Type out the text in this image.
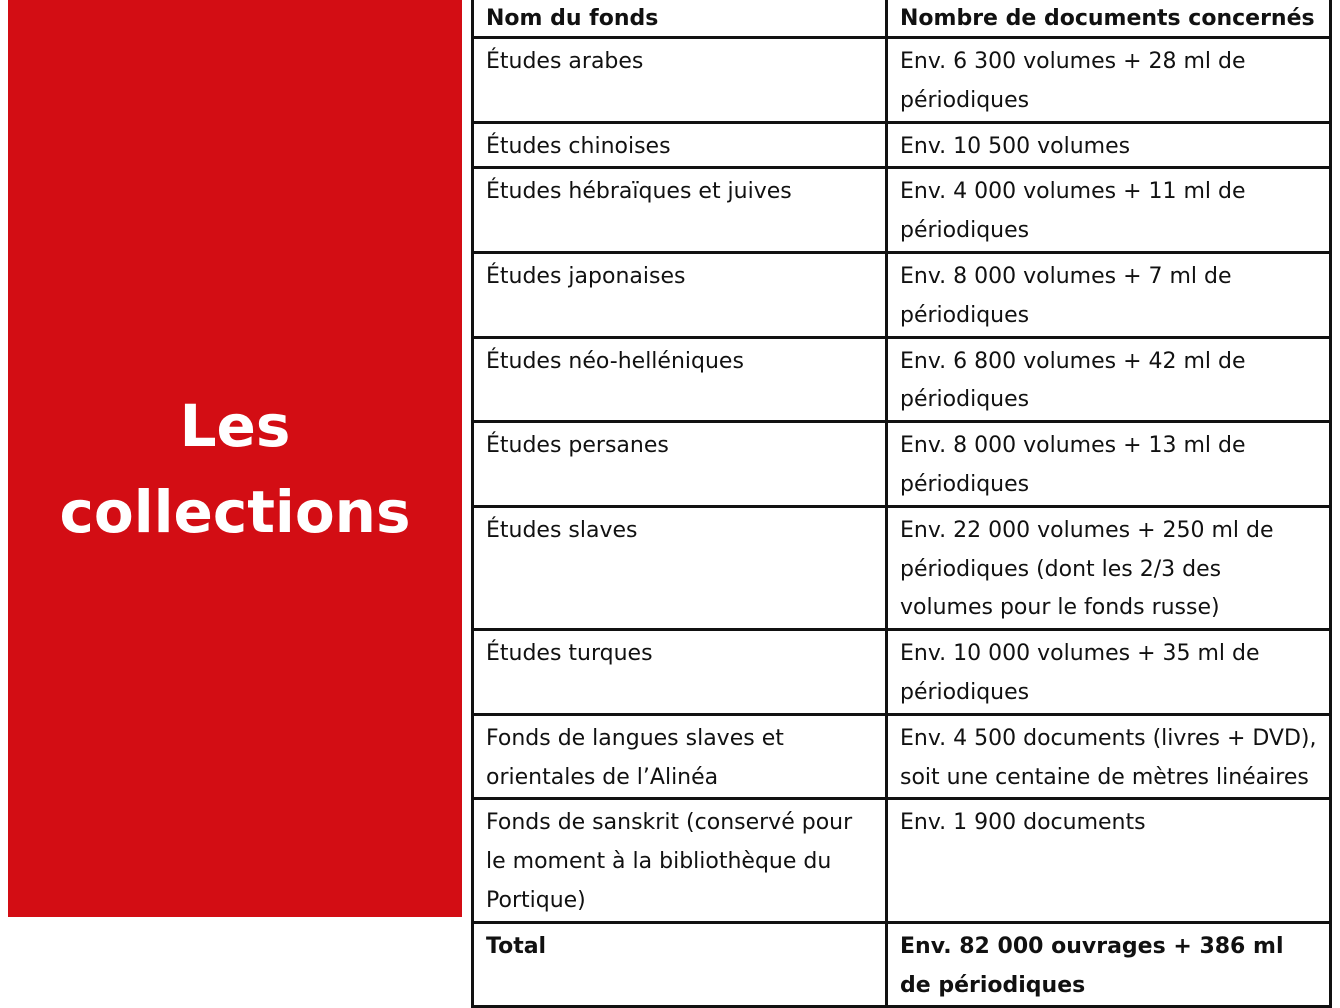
Les
collections
Nom du fonds	Nombre de documents concernés
Études arabes	Env. 6 300 volumes + 28 ml de périodiques
Études chinoises	Env. 10 500 volumes
Études hébraïques et juives	Env. 4 000 volumes + 11 ml de périodiques
Études japonaises	Env. 8 000 volumes + 7 ml de périodiques
Études néo-helléniques	Env. 6 800 volumes + 42 ml de périodiques
Études persanes	Env. 8 000 volumes + 13 ml de périodiques
Études slaves	Env. 22 000 volumes + 250 ml de périodiques (dont les 2/3 des volumes pour le fonds russe)
Études turques	Env. 10 000 volumes + 35 ml de périodiques
Fonds de langues slaves et orientales de l’Alinéa	Env. 4 500 documents (livres + DVD), soit une centaine de mètres linéaires
Fonds de sanskrit (conservé pour le moment à la bibliothèque du Portique)	Env. 1 900 documents
Total	Env. 82 000 ouvrages + 386 ml de périodiques
